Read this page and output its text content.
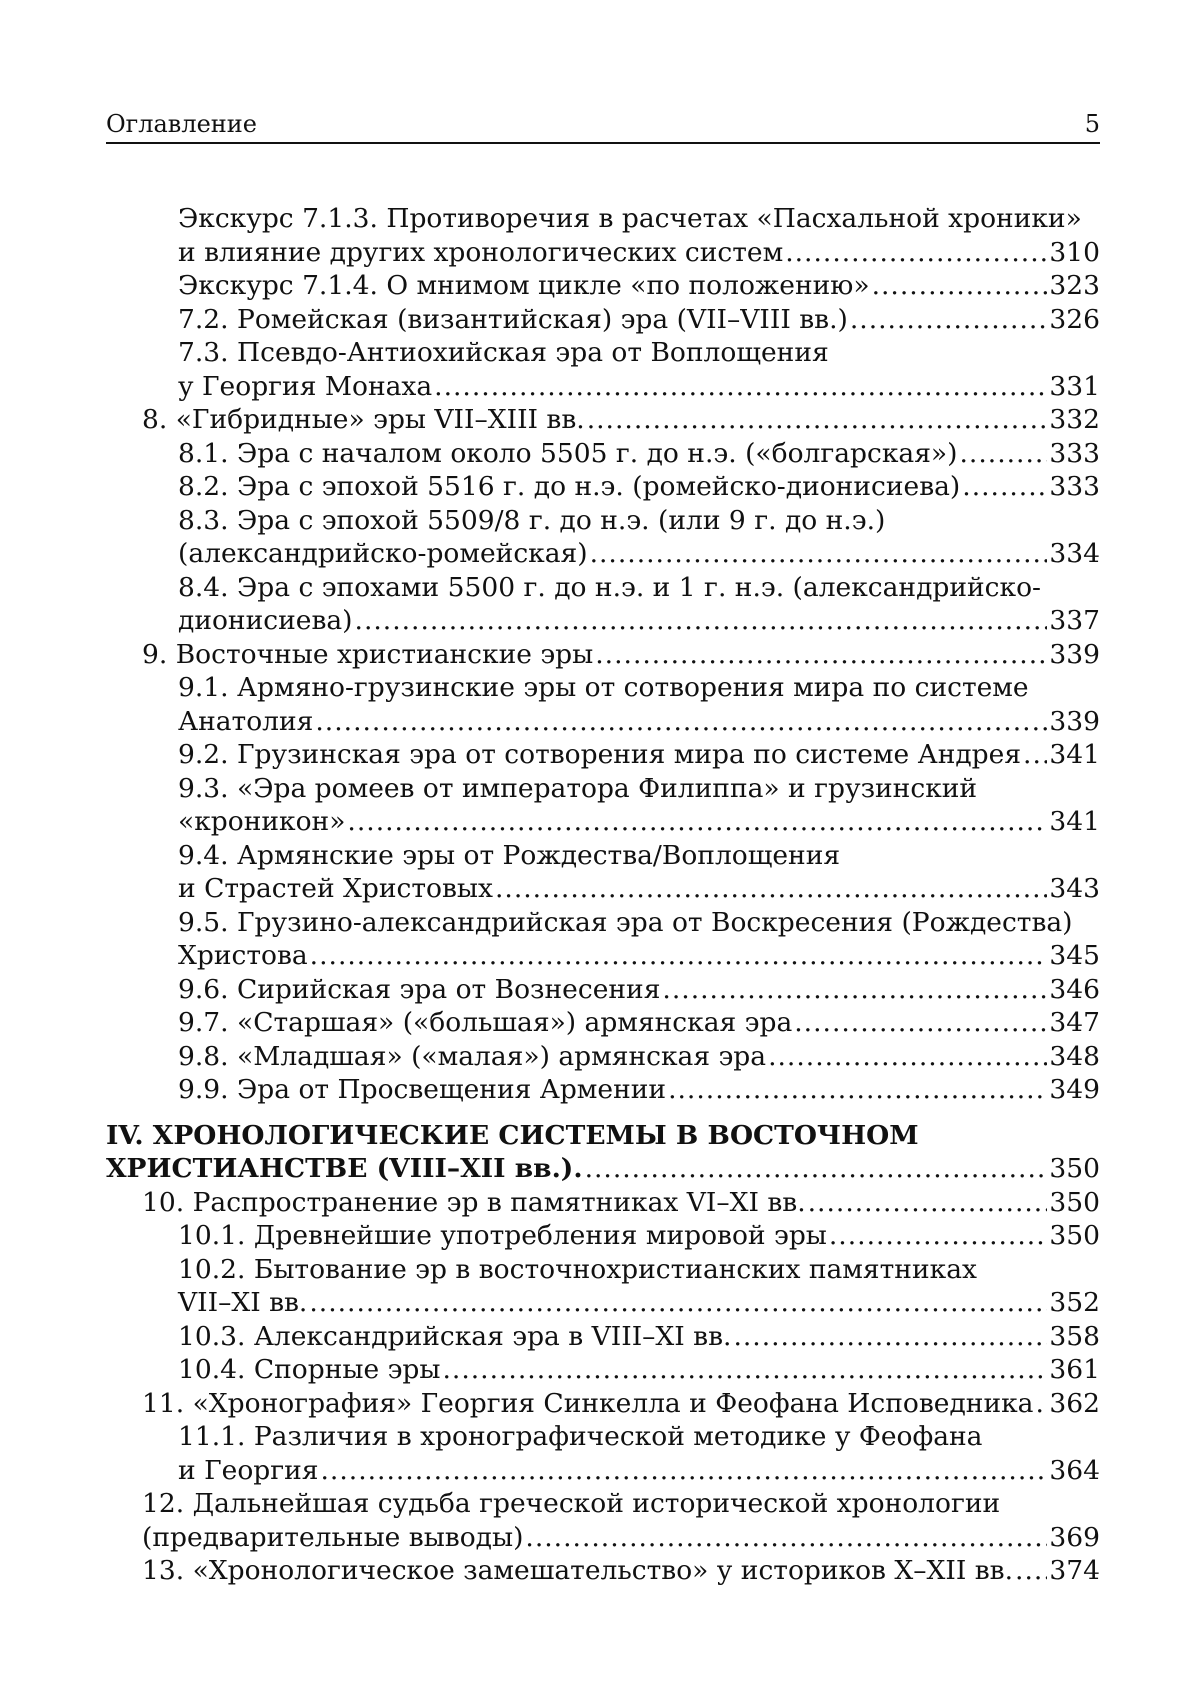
Оглавление	5
Экскурс 7.1.3. Противоречия в расчетах «Пасхальной хроники»
и влияние других хронологических систем .....	310
Экскурс 7.1.4. О мнимом цикле «по положению» .....	323
7.2. Ромейская (византийская) эра (VII–VIII вв.) .....	326
7.3. Псевдо-Антиохийская эра от Воплощения
у Георгия Монаха .....	331
8. «Гибридные» эры VII–XIII вв. .....	332
8.1. Эра с началом около 5505 г. до н.э. («болгарская») .....	333
8.2. Эра с эпохой 5516 г. до н.э. (ромейско-дионисиева) .....	333
8.3. Эра с эпохой 5509/8 г. до н.э. (или 9 г. до н.э.)
(александрийско-ромейская) .....	334
8.4. Эра с эпохами 5500 г. до н.э. и 1 г. н.э. (александрийско-
дионисиева) .....	337
9. Восточные христианские эры .....	339
9.1. Армяно-грузинские эры от сотворения мира по системе
Анатолия .....	339
9.2. Грузинская эра от сотворения мира по системе Андрея ..... 341
9.3. «Эра ромеев от императора Филиппа» и грузинский
«кроникон» .....	341
9.4. Армянские эры от Рождества/Воплощения
и Страстей Христовых .....	343
9.5. Грузино-александрийская эра от Воскресения (Рождества)
Христова .....	345
9.6. Сирийская эра от Вознесения .....	346
9.7. «Старшая» («большая») армянская эра .....	347
9.8. «Младшая» («малая») армянская эра .....	348
9.9. Эра от Просвещения Армении .....	349
IV. ХРОНОЛОГИЧЕСКИЕ СИСТЕМЫ В ВОСТОЧНОМ
ХРИСТИАНСТВЕ (VIII–XII вв.). .....	350
10. Распространение эр в памятниках VI–XI вв. .....	350
10.1. Древнейшие употребления мировой эры .....	350
10.2. Бытование эр в восточнохристианских памятниках
VII–XI вв. .....	352
10.3. Александрийская эра в VIII–XI вв. .....	358
10.4. Спорные эры .....	361
11. «Хронография» Георгия Синкелла и Феофана Исповедника ..... 362
11.1. Различия в хронографической методике у Феофана
и Георгия .....	364
12. Дальнейшая судьба греческой исторической хронологии
(предварительные выводы) .....	369
13. «Хронологическое замешательство» у историков X–XII вв. ..... 374
